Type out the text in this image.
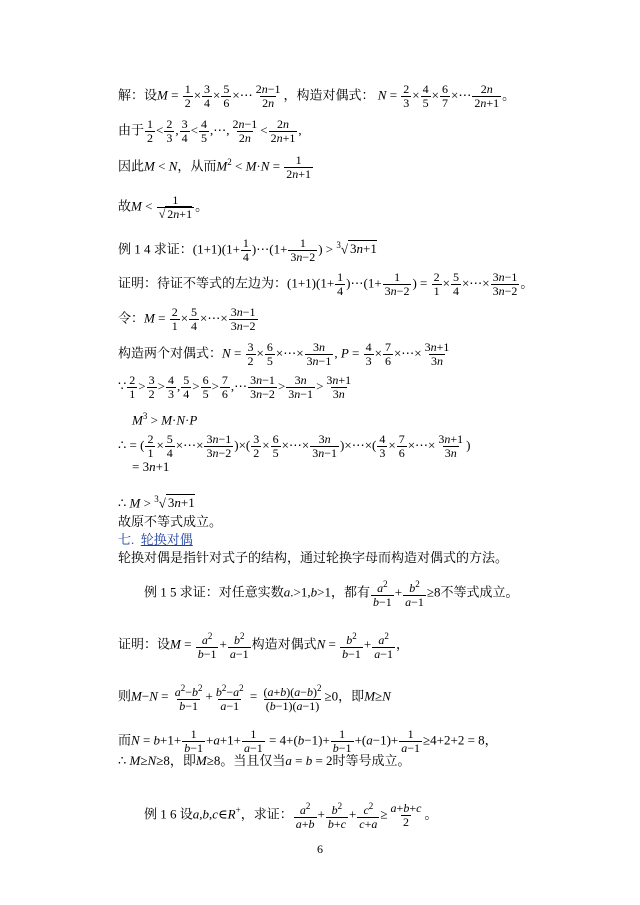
解：设$M = \frac{1}{2} \times \frac{3}{4} \times \frac{5}{6}$ ×⋯ $\frac{2n-1}{2n}$ ，构造对偶式： $N = \frac{2}{3} \times \frac{4}{5} \times \frac{6}{7}$ ×⋯ $\frac{2n}{2n+1}$ 。
由于 $\frac{1}{2} < \frac{2}{3}$ , $\frac{3}{4} < \frac{4}{5}$ ,⋯, $\frac{2n-1}{2n} < \frac{2n}{2n+1}$ ,
因此M < N，从而$M^2 < M\cdot N = \frac{1}{2n+1}$
故$M < \frac{1}{√ 2n+1}$ 。
例 1 4 求证：$(1+1)(1+ \frac{1}{4}$ )⋯(1+ $\frac{1}{3n-2}$ ) > $^3$√ 3n+1
证明：待证不等式的左边为：$(1+1)(1+ \frac{1}{4}$ )⋯(1+ $\frac{1}{3n-2}$ ) = $\frac{2}{1} \times \frac{5}{4}$ ×⋯× $\frac{3n-1}{3n-2}$ 。
令：$M = \frac{2}{1} \times \frac{5}{4}$ ×⋯× $\frac{3n-1}{3n-2}$
构造两个对偶式：$N = \frac{3}{2} \times \frac{6}{5}$ ×⋯× $\frac{3n}{3n-1}$ , $P = \frac{4}{3} \times \frac{7}{6}$ ×⋯× $\frac{3n+1}{3n}$
∵ $\frac{2}{1} > \frac{3}{2} > \frac{4}{3}$ , $\frac{5}{4} > \frac{6}{5} > \frac{7}{6}$ ,⋯ $\frac{3n-1}{3n-2} > \frac{3n}{3n-1} > \frac{3n+1}{3n}$
$M^3 > M\cdot N\cdot P$
∴ = ( $\frac{2}{1} \times \frac{5}{4}$ ×⋯× $\frac{3n-1}{3n-2}$ )×( $\frac{3}{2} \times \frac{6}{5}$ ×⋯× $\frac{3n}{3n-1}$ )×⋯×( $\frac{4}{3} \times \frac{7}{6}$ ×⋯× $\frac{3n+1}{3n}$ )
= 3n+1
∴ M > $^3$√ 3n+1
故原不等式成立。
七. 轮换对偶
轮换对偶是指针对式子的结构，通过轮换字母而构造对偶式的方法。
例 1 5 求证：对任意实数a.>1,b>1，都有 $\frac{a^2}{b-1} + \frac{b^2}{a-1} \ge 8$不等式成立。
证明：设$M = \frac{a^2}{b-1} + \frac{b^2}{a-1}$ 构造对偶式$N = \frac{b^2}{b-1} + \frac{a^2}{a-1}$ ，
则$M-N = \frac{a^2-b^2}{b-1} + \frac{b^2-a^2}{a-1} = \frac{(a+b)(a-b)^2}{(b-1)(a-1)} \ge 0$，即M≥N
而$N = b+1+ \frac{1}{b-1} +a+1+ \frac{1}{a-1} = 4+(b-1)+ \frac{1}{b-1} +(a-1)+ \frac{1}{a-1} \ge 4+2+2 = 8$，
∴ M≥N≥8，即M≥8。当且仅当a = b = 2时等号成立。
例 1 6 设a,b,c∈R+，求证： $\frac{a^2}{a+b} + \frac{b^2}{b+c} + \frac{c^2}{c+a} \ge \frac{a+b+c}{2}$ 。
6
